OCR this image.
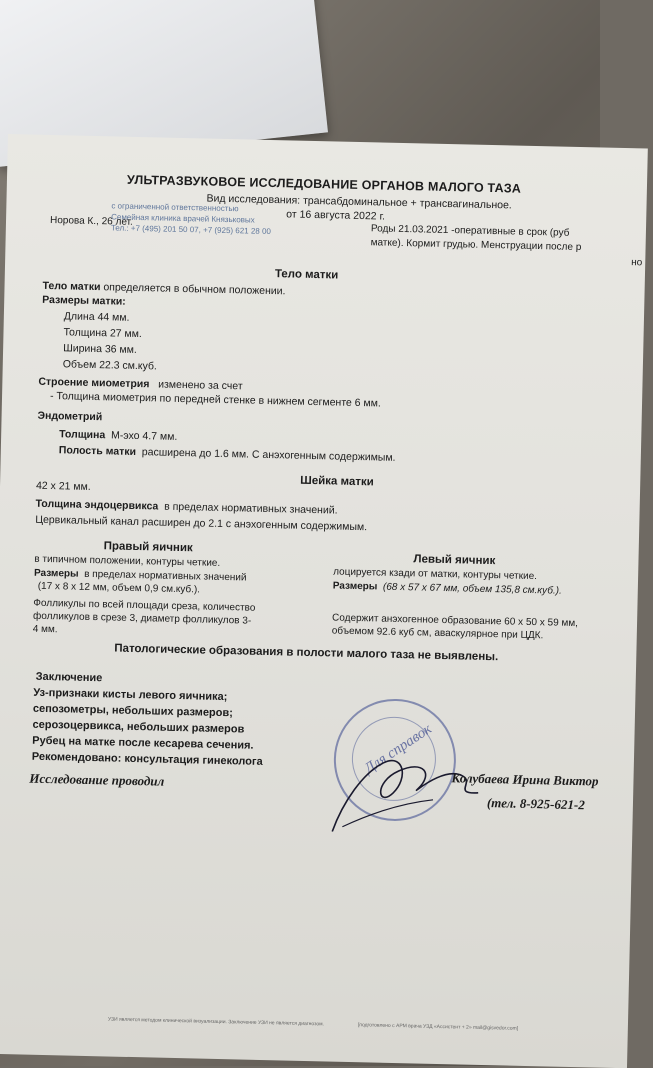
УЛЬТРАЗВУКОВОЕ ИССЛЕДОВАНИЕ ОРГАНОВ МАЛОГО ТАЗА
с ограниченной ответственностью
Семейная клиника врачей Князьковых
Тел.: +7 (495) 201 50 07, +7 (925) 621 28 00
Вид исследования: трансабдоминальное + трансвагинальное.
от 16 августа 2022 г.
Норова К., 26 лет.
Роды 21.03.2021 -оперативные в срок (руб
матке). Кормит грудью. Менструации после р
но
Тело матки
Тело матки определяется в обычном положении.
Размеры матки:
Длина 44 мм.
Толщина 27 мм.
Ширина 36 мм.
Объем 22.3 см.куб.
Строение миометрия изменено за счет
- Толщина миометрия по передней стенке в нижнем сегменте 6 мм.
Эндометрий
Толщина М-эхо 4.7 мм.
Полость матки расширена до 1.6 мм. С анэхогенным содержимым.
Шейка матки
42 х 21 мм.
Толщина эндоцервикса в пределах нормативных значений.
Цервикальный канал расширен до 2.1 с анэхогенным содержимым.
Правый яичник
Левый яичник
в типичном положении, контуры четкие.
Размеры в пределах нормативных значений
(17 х 8 х 12 мм, объем 0,9 см.куб.).
Фолликулы по всей площади среза, количество
фолликулов в срезе 3, диаметр фолликулов 3-
4 мм.
лоцируется кзади от матки, контуры четкие.
Размеры (68 х 57 х 67 мм, объем 135,8 см.куб.).
Содержит анэхогенное образование 60 х 50 х 59 мм,
объемом 92.6 куб см, аваскулярное при ЦДК.
Патологические образования в полости малого таза не выявлены.
Заключение
Уз-признаки кисты левого яичника;
сепозометры, небольших размеров;
серозоцервикса, небольших размеров
Рубец на матке после кесарева сечения.
Рекомендовано: консультация гинеколога
Исследование проводил
Для справок
Колубаева Ирина Виктор
(тел. 8-925-621-2
УЗИ является методом клинической визуализации. Заключение УЗИ не является диагнозом.	[подготовлено с АРМ врача УЗД «Ассистент + 2» mail@gisvedor.com]
